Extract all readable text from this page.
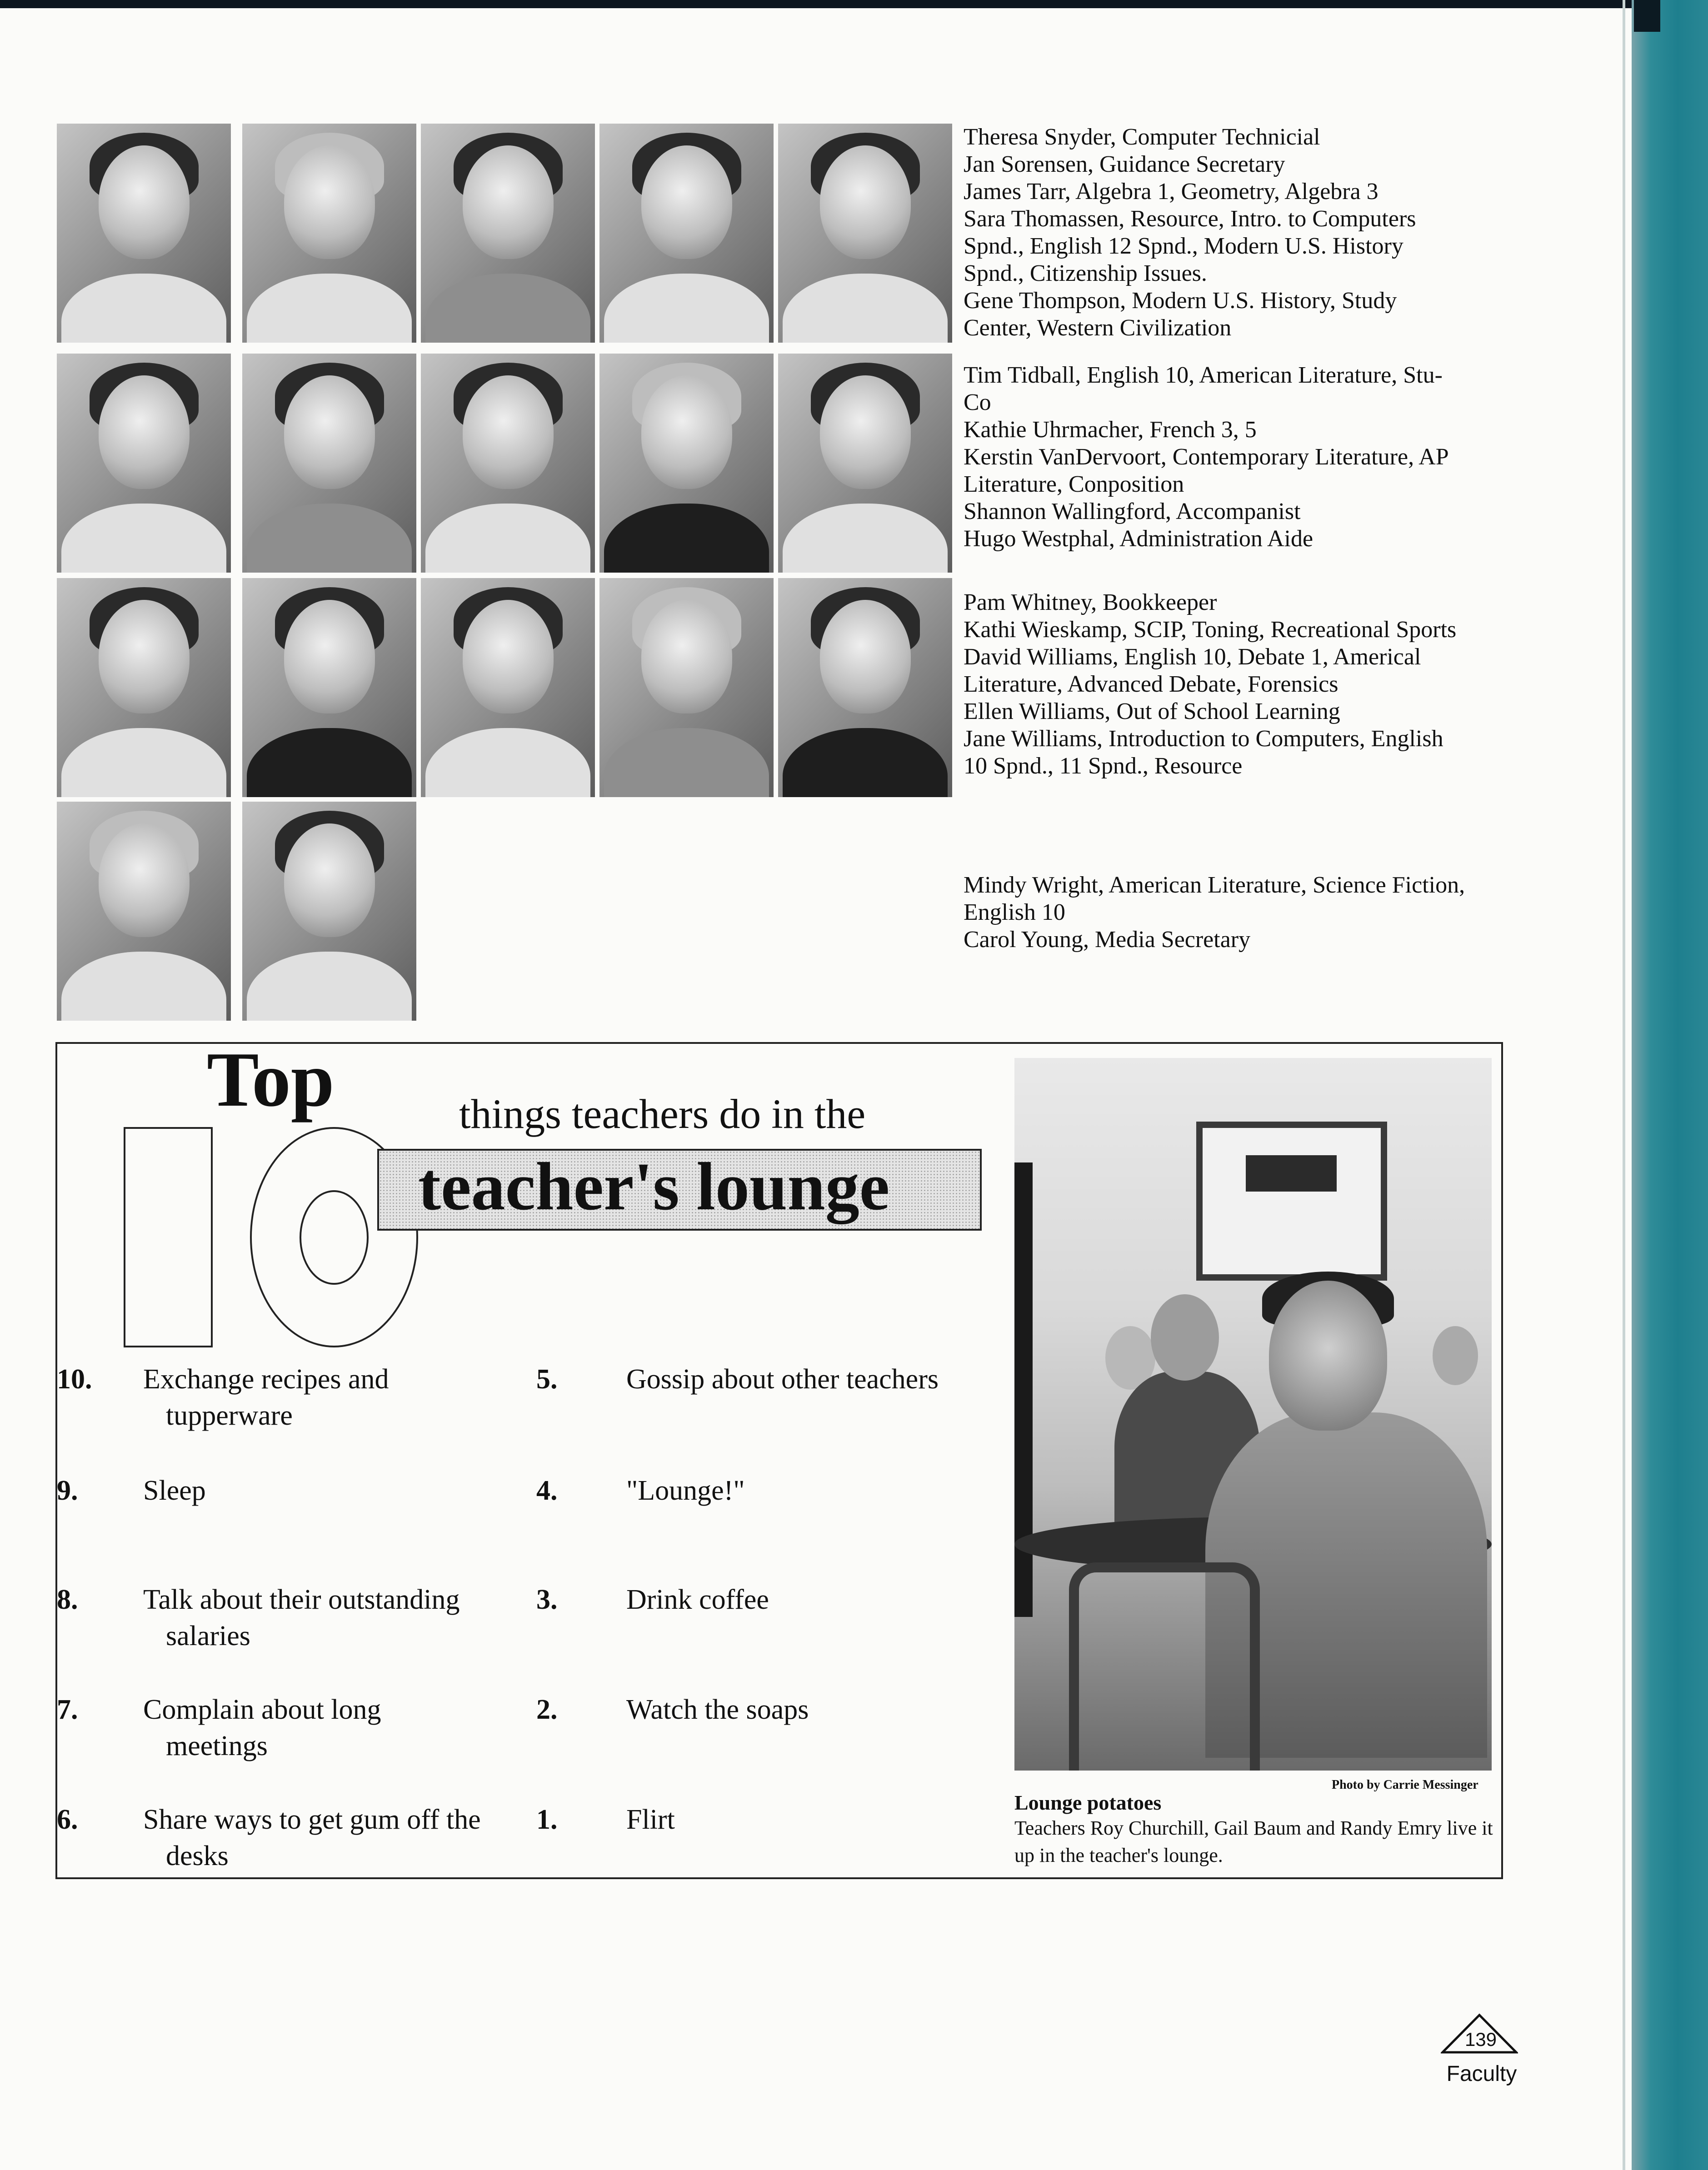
Theresa Snyder, Computer Technicial
Jan Sorensen, Guidance Secretary
James Tarr, Algebra 1, Geometry, Algebra 3
Sara Thomassen, Resource, Intro. to Computers
Spnd., English 12 Spnd., Modern U.S. History
Spnd., Citizenship Issues.
Gene Thompson, Modern U.S. History, Study
Center, Western Civilization
Tim Tidball, English 10, American Literature, Stu-
Co
Kathie Uhrmacher, French 3, 5
Kerstin VanDervoort, Contemporary Literature, AP
Literature, Conposition
Shannon Wallingford, Accompanist
Hugo Westphal, Administration Aide
Pam Whitney, Bookkeeper
Kathi Wieskamp, SCIP, Toning, Recreational Sports
David Williams, English 10, Debate 1, Americal
Literature, Advanced Debate, Forensics
Ellen Williams, Out of School Learning
Jane Williams, Introduction to Computers, English
10 Spnd., 11 Spnd., Resource
Mindy Wright, American Literature, Science Fiction,
English 10
Carol Young, Media Secretary
Top	things teachers do in the
teacher's lounge
10. Exchange recipes and
tupperware
9. Sleep
8. Talk about their outstanding
salaries
7. Complain about long
meetings
6. Share ways to get gum off the
desks
5. Gossip about other teachers
4. "Lounge!"
3. Drink coffee
2. Watch the soaps
1. Flirt
Photo by Carrie Messinger
Lounge potatoes
Teachers Roy Churchill, Gail Baum and Randy Emry live it up in the teacher's lounge.
139
Faculty
